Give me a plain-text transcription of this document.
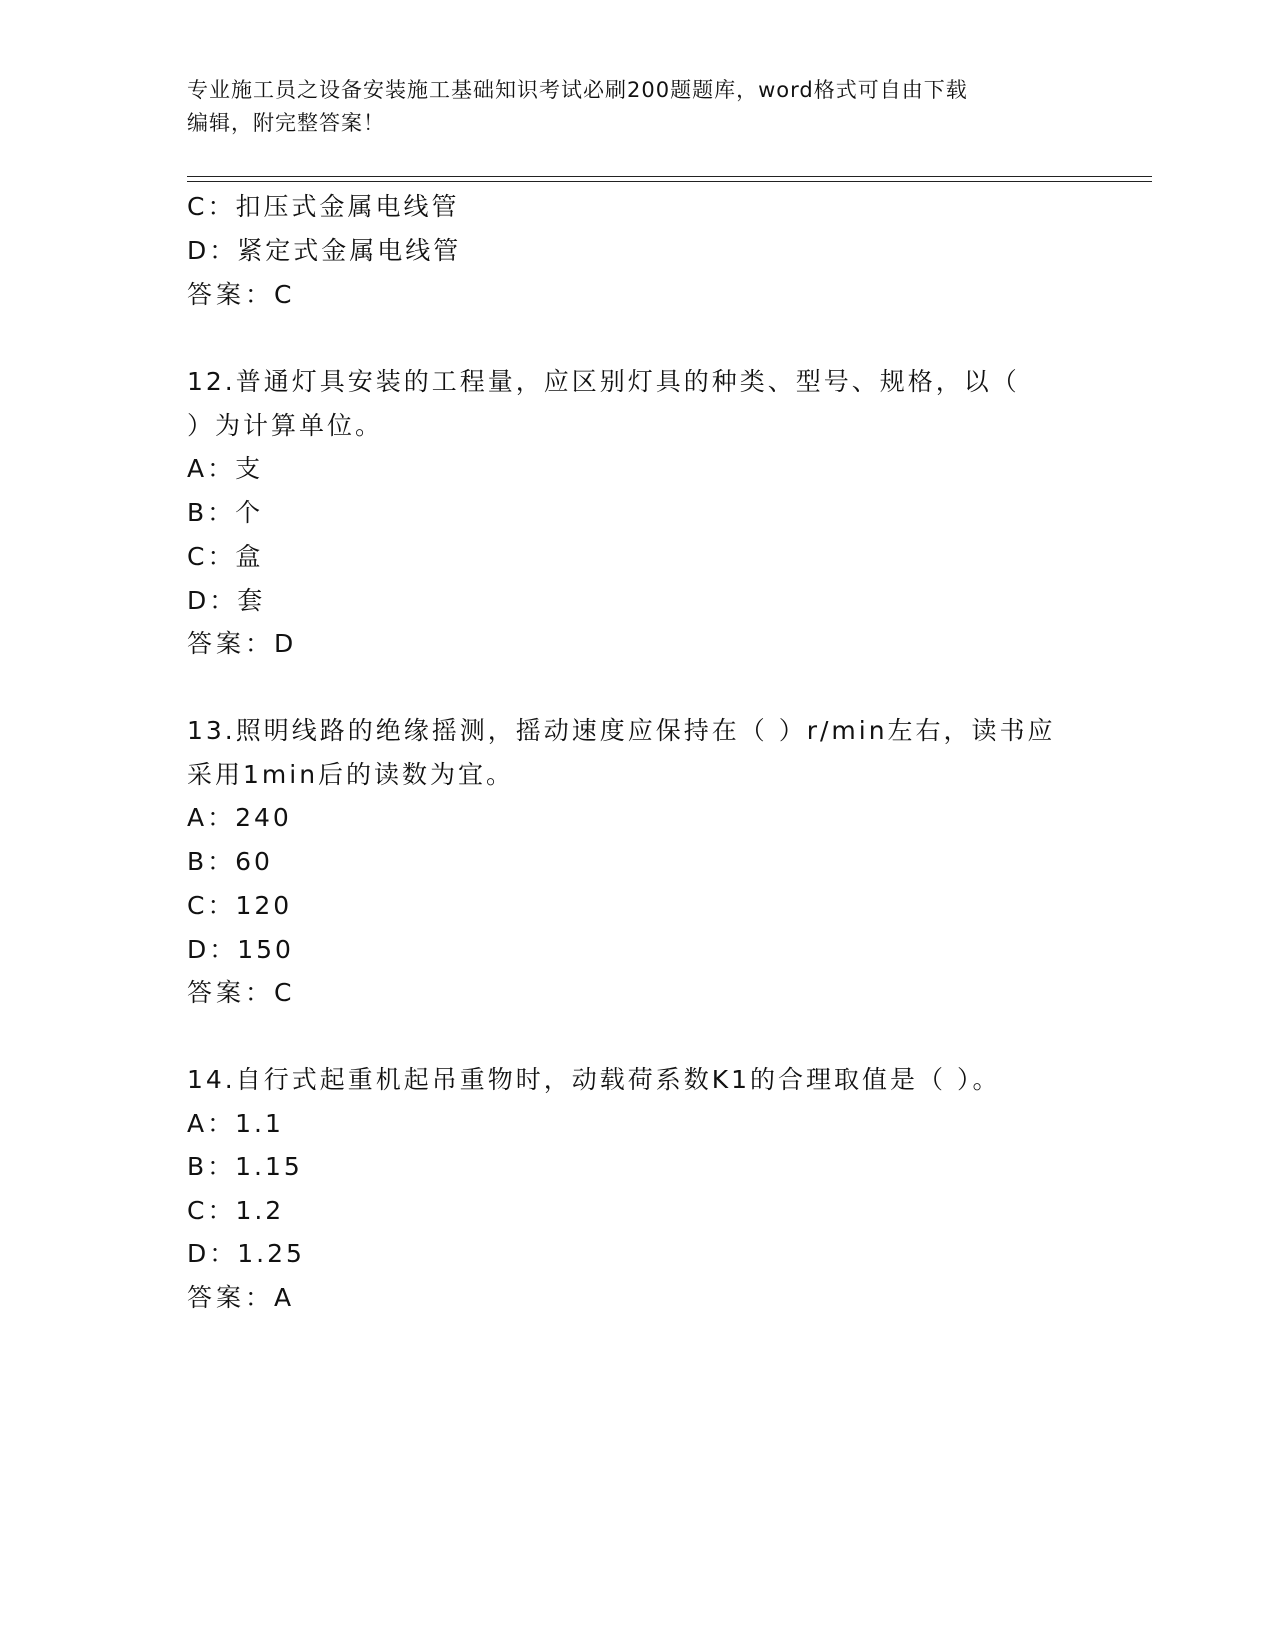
专业施工员之设备安装施工基础知识考试必刷200题题库，word格式可自由下载
编辑，附完整答案！
C：扣压式金属电线管
D：紧定式金属电线管
答案：C
12.普通灯具安装的工程量，应区别灯具的种类、型号、规格，以（
）为计算单位。
A：支
B：个
C：盒
D：套
答案：D
13.照明线路的绝缘摇测，摇动速度应保持在（ ）r/min左右，读书应
采用1min后的读数为宜。
A：240
B：60
C：120
D：150
答案：C
14.自行式起重机起吊重物时，动载荷系数K1的合理取值是（ ）。
A：1.1
B：1.15
C：1.2
D：1.25
答案：A
